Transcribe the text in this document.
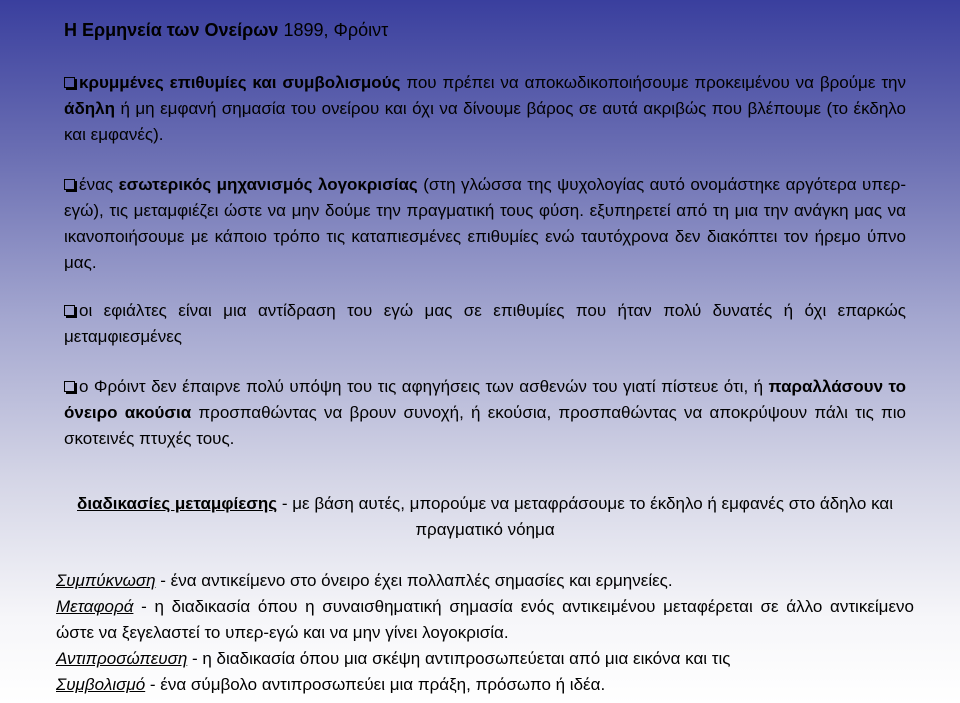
Η Ερμηνεία των Ονείρων 1899, Φρόιντ
κρυμμένες επιθυμίες και συμβολισμούς που πρέπει να αποκωδικοποιήσουμε προκειμένου να βρούμε την άδηλη ή μη εμφανή σημασία του ονείρου και όχι να δίνουμε βάρος σε αυτά ακριβώς που βλέπουμε (το έκδηλο και εμφανές).
ένας εσωτερικός μηχανισμός λογοκρισίας (στη γλώσσα της ψυχολογίας αυτό ονομάστηκε αργότερα υπερ-εγώ), τις μεταμφιέζει ώστε να μην δούμε την πραγματική τους φύση. εξυπηρετεί από τη μια την ανάγκη μας να ικανοποιήσουμε με κάποιο τρόπο τις καταπιεσμένες επιθυμίες ενώ ταυτόχρονα δεν διακόπτει τον ήρεμο ύπνο μας.
οι εφιάλτες είναι μια αντίδραση του εγώ μας σε επιθυμίες που ήταν πολύ δυνατές ή όχι επαρκώς μεταμφιεσμένες
ο Φρόιντ δεν έπαιρνε πολύ υπόψη του τις αφηγήσεις των ασθενών του γιατί πίστευε ότι, ή παραλλάσουν το όνειρο ακούσια προσπαθώντας να βρουν συνοχή, ή εκούσια, προσπαθώντας να αποκρύψουν πάλι τις πιο σκοτεινές πτυχές τους.
διαδικασίες μεταμφίεσης - με βάση αυτές, μπορούμε να μεταφράσουμε το έκδηλο ή εμφανές στο άδηλο και πραγματικό νόημα
Συμπύκνωση - ένα αντικείμενο στο όνειρο έχει πολλαπλές σημασίες και ερμηνείες.
Μεταφορά - η διαδικασία όπου η συναισθηματική σημασία ενός αντικειμένου μεταφέρεται σε άλλο αντικείμενο ώστε να ξεγελαστεί το υπερ-εγώ και να μην γίνει λογοκρισία.
Αντιπροσώπευση - η διαδικασία όπου μια σκέψη αντιπροσωπεύεται από μια εικόνα και τις
Συμβολισμό - ένα σύμβολο αντιπροσωπεύει μια πράξη, πρόσωπο ή ιδέα.
